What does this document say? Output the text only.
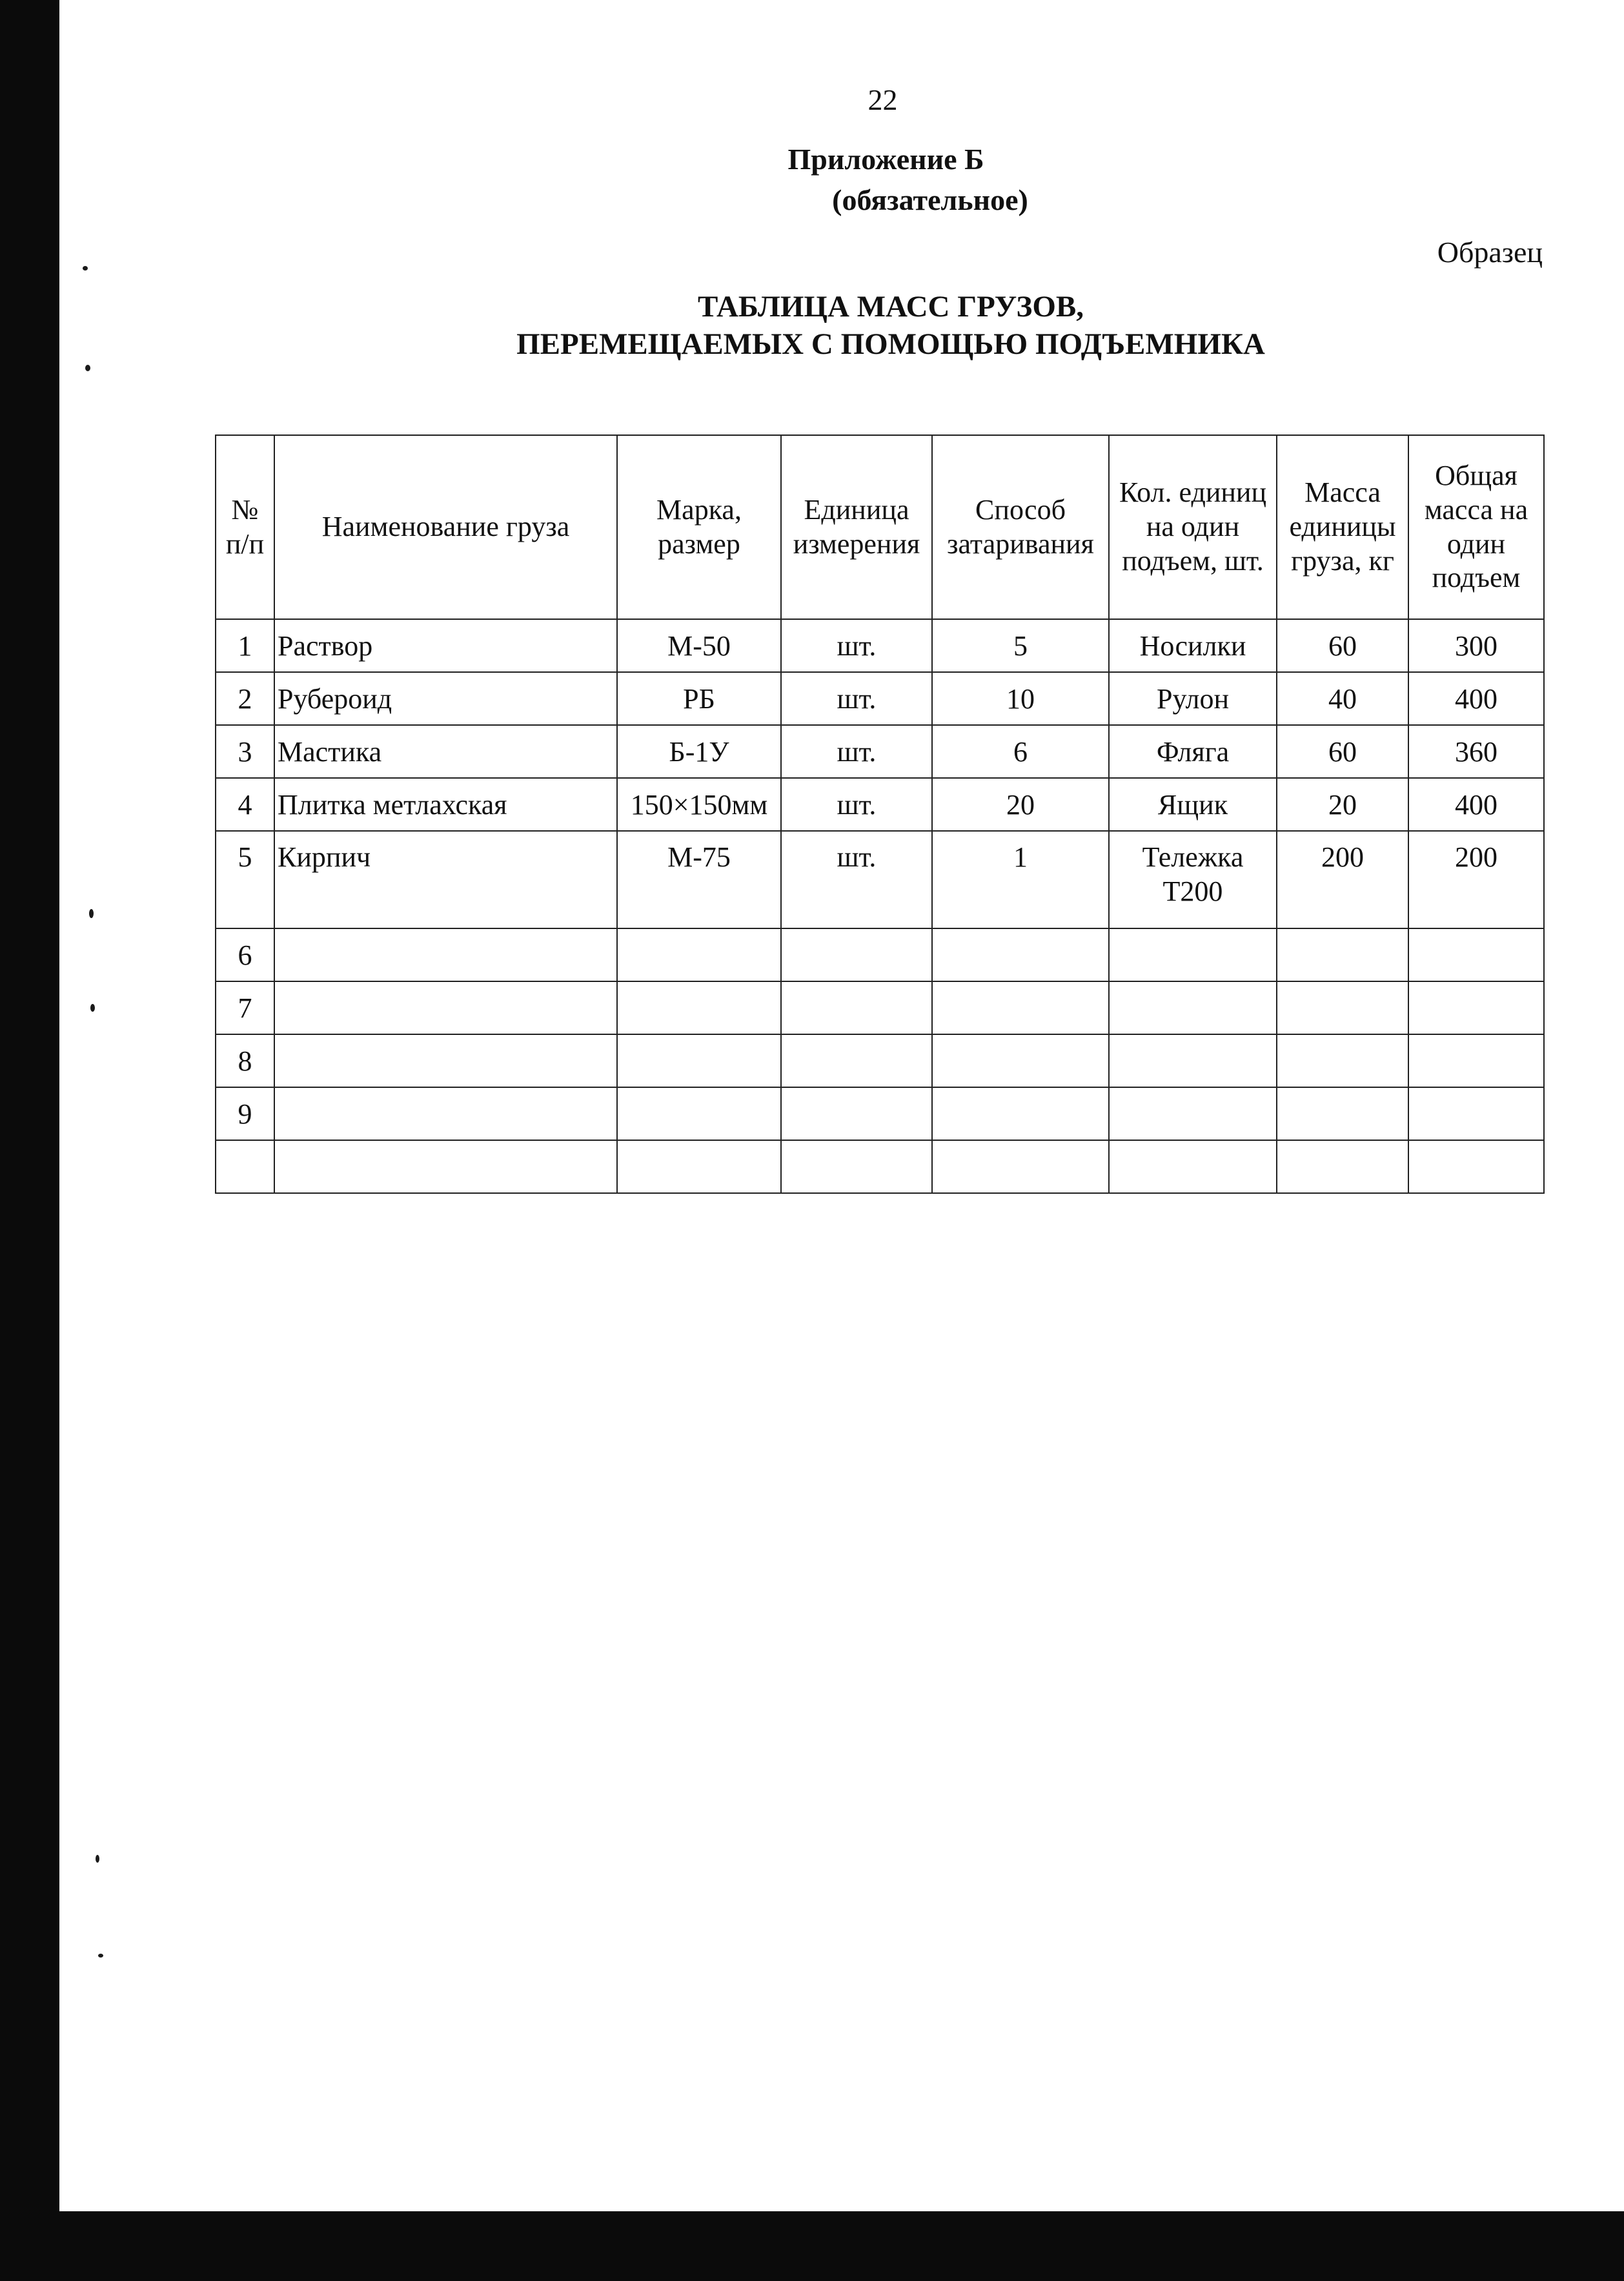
22
Приложение Б
(обязательное)
Образец
ТАБЛИЦА МАСС ГРУЗОВ,
ПЕРЕМЕЩАЕМЫХ С ПОМОЩЬЮ ПОДЪЕМНИКА
№ п/п	Наименование груза	Марка, размер	Единица измерения	Способ затаривания	Кол. единиц на один подъем, шт.	Масса единицы груза, кг	Общая масса на один подъем
1	Раствор	М-50	шт.	5	Носилки	60	300
2	Рубероид	РБ	шт.	10	Рулон	40	400
3	Мастика	Б-1У	шт.	6	Фляга	60	360
4	Плитка метлахская	150×150мм	шт.	20	Ящик	20	400
5	Кирпич	М-75	шт.	1	Тележка Т200	200	200
6							
7							
8							
9							
